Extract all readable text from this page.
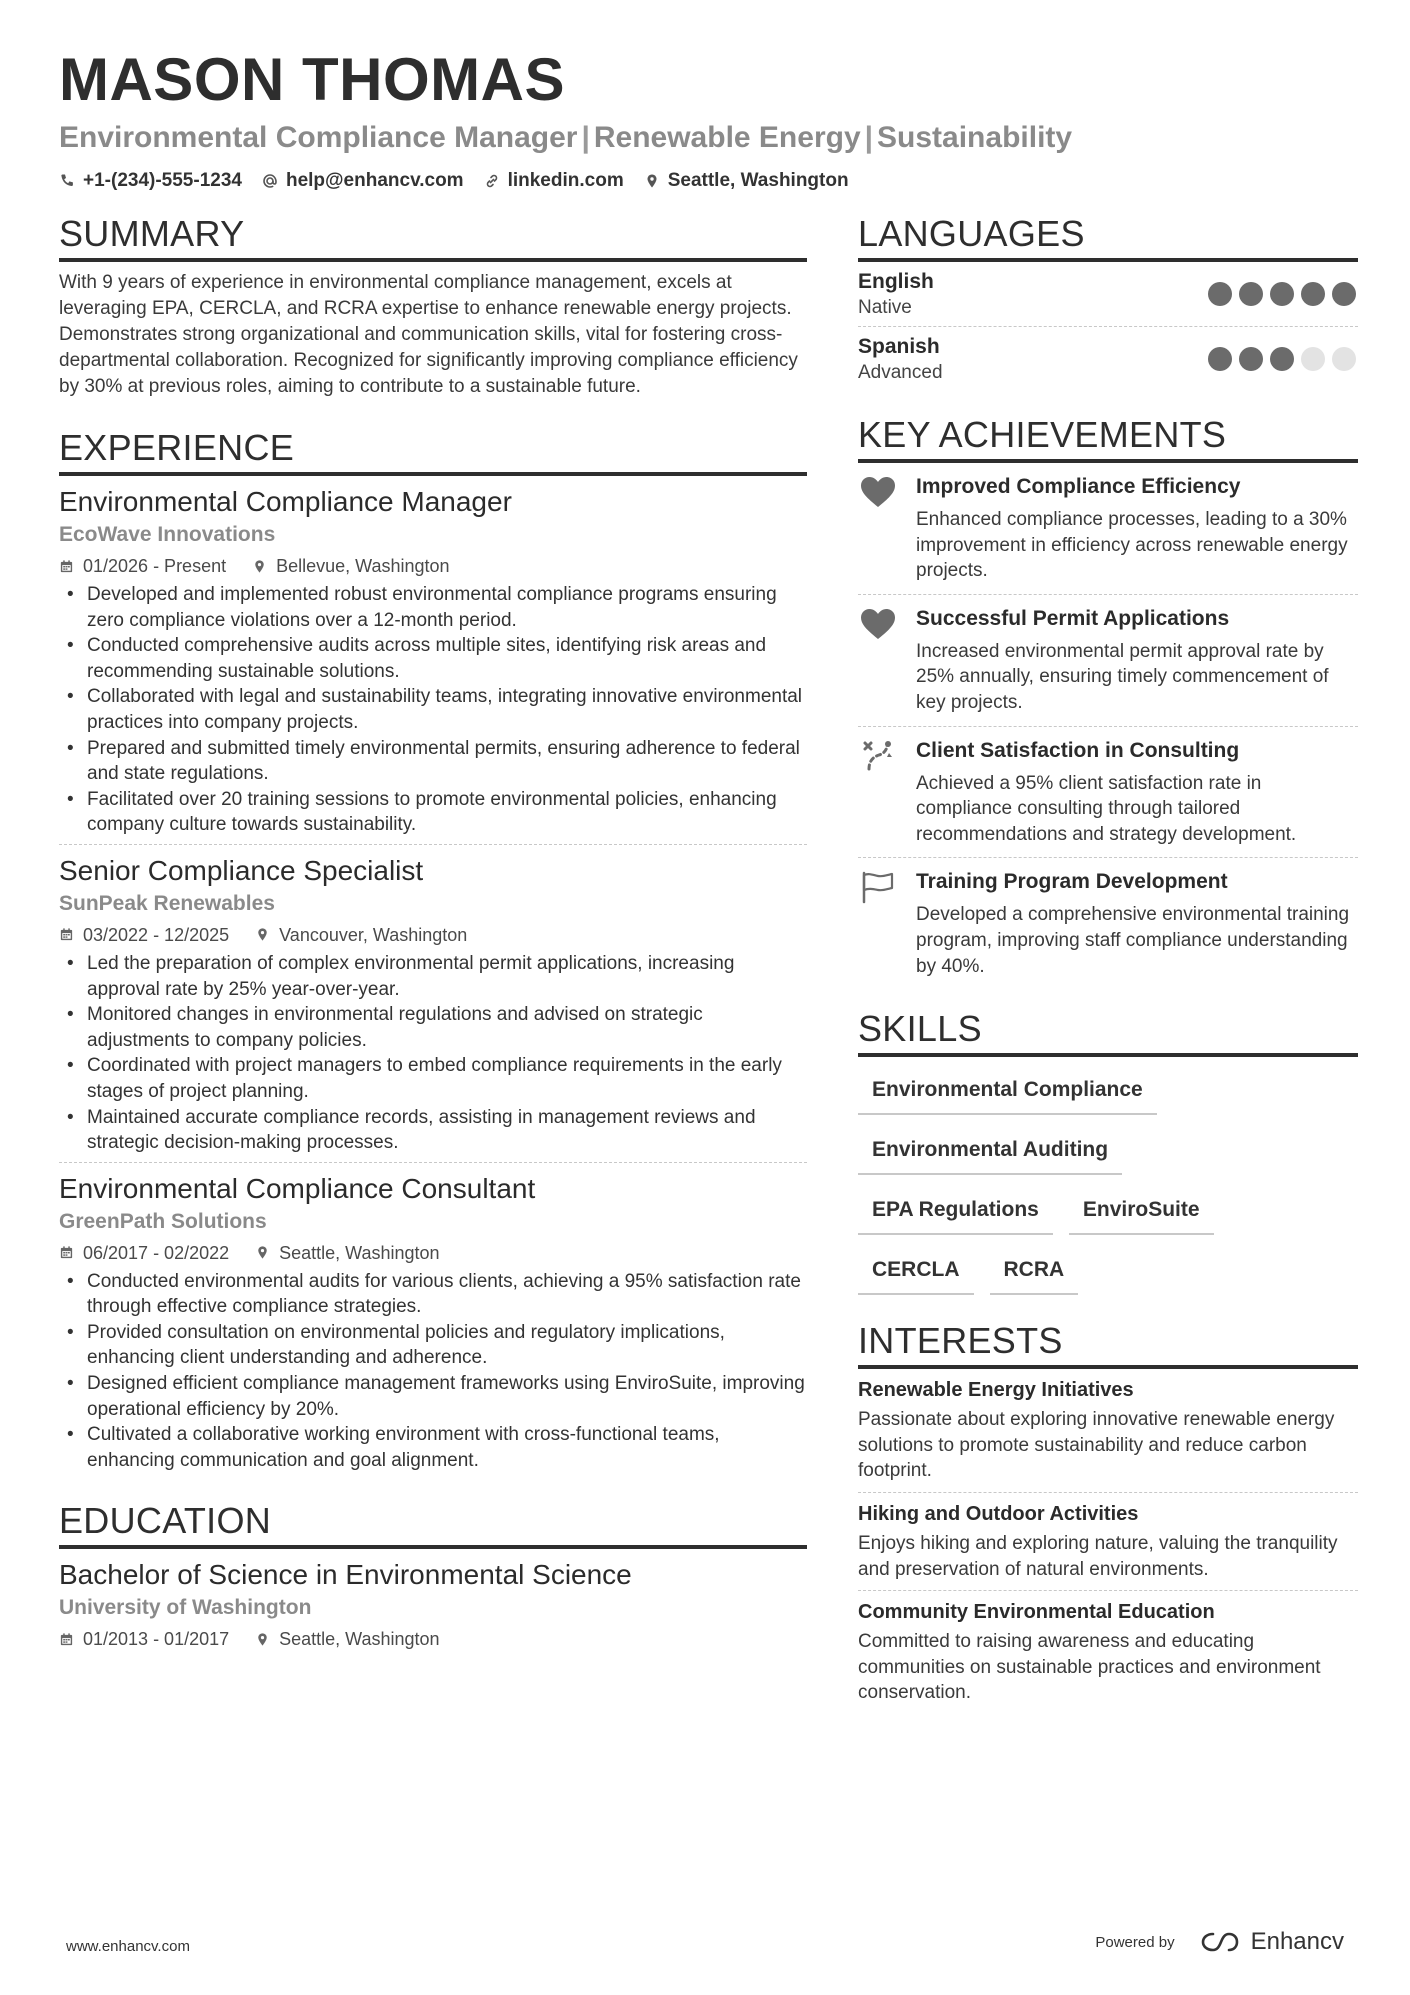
MASON THOMAS
Environmental Compliance Manager | Renewable Energy | Sustainability
+1-(234)-555-1234 help@enhancv.com linkedin.com Seattle, Washington
SUMMARY
With 9 years of experience in environmental compliance management, excels at leveraging EPA, CERCLA, and RCRA expertise to enhance renewable energy projects. Demonstrates strong organizational and communication skills, vital for fostering cross-departmental collaboration. Recognized for significantly improving compliance efficiency by 30% at previous roles, aiming to contribute to a sustainable future.
EXPERIENCE
Environmental Compliance Manager
EcoWave Innovations
01/2026 - Present	Bellevue, Washington
• Developed and implemented robust environmental compliance programs ensuring zero compliance violations over a 12-month period.
• Conducted comprehensive audits across multiple sites, identifying risk areas and recommending sustainable solutions.
• Collaborated with legal and sustainability teams, integrating innovative environmental practices into company projects.
• Prepared and submitted timely environmental permits, ensuring adherence to federal and state regulations.
• Facilitated over 20 training sessions to promote environmental policies, enhancing company culture towards sustainability.
Senior Compliance Specialist
SunPeak Renewables
03/2022 - 12/2025	Vancouver, Washington
• Led the preparation of complex environmental permit applications, increasing approval rate by 25% year-over-year.
• Monitored changes in environmental regulations and advised on strategic adjustments to company policies.
• Coordinated with project managers to embed compliance requirements in the early stages of project planning.
• Maintained accurate compliance records, assisting in management reviews and strategic decision-making processes.
Environmental Compliance Consultant
GreenPath Solutions
06/2017 - 02/2022	Seattle, Washington
• Conducted environmental audits for various clients, achieving a 95% satisfaction rate through effective compliance strategies.
• Provided consultation on environmental policies and regulatory implications, enhancing client understanding and adherence.
• Designed efficient compliance management frameworks using EnviroSuite, improving operational efficiency by 20%.
• Cultivated a collaborative working environment with cross-functional teams, enhancing communication and goal alignment.
EDUCATION
Bachelor of Science in Environmental Science
University of Washington
01/2013 - 01/2017	Seattle, Washington
LANGUAGES
English
Native
Spanish
Advanced
KEY ACHIEVEMENTS
Improved Compliance Efficiency
Enhanced compliance processes, leading to a 30% improvement in efficiency across renewable energy projects.
Successful Permit Applications
Increased environmental permit approval rate by 25% annually, ensuring timely commencement of key projects.
Client Satisfaction in Consulting
Achieved a 95% client satisfaction rate in compliance consulting through tailored recommendations and strategy development.
Training Program Development
Developed a comprehensive environmental training program, improving staff compliance understanding by 40%.
SKILLS
Environmental Compliance
Environmental Auditing
EPA Regulations	EnviroSuite
CERCLA	RCRA
INTERESTS
Renewable Energy Initiatives
Passionate about exploring innovative renewable energy solutions to promote sustainability and reduce carbon footprint.
Hiking and Outdoor Activities
Enjoys hiking and exploring nature, valuing the tranquility and preservation of natural environments.
Community Environmental Education
Committed to raising awareness and educating communities on sustainable practices and environment conservation.
www.enhancv.com	Powered by	Enhancv
